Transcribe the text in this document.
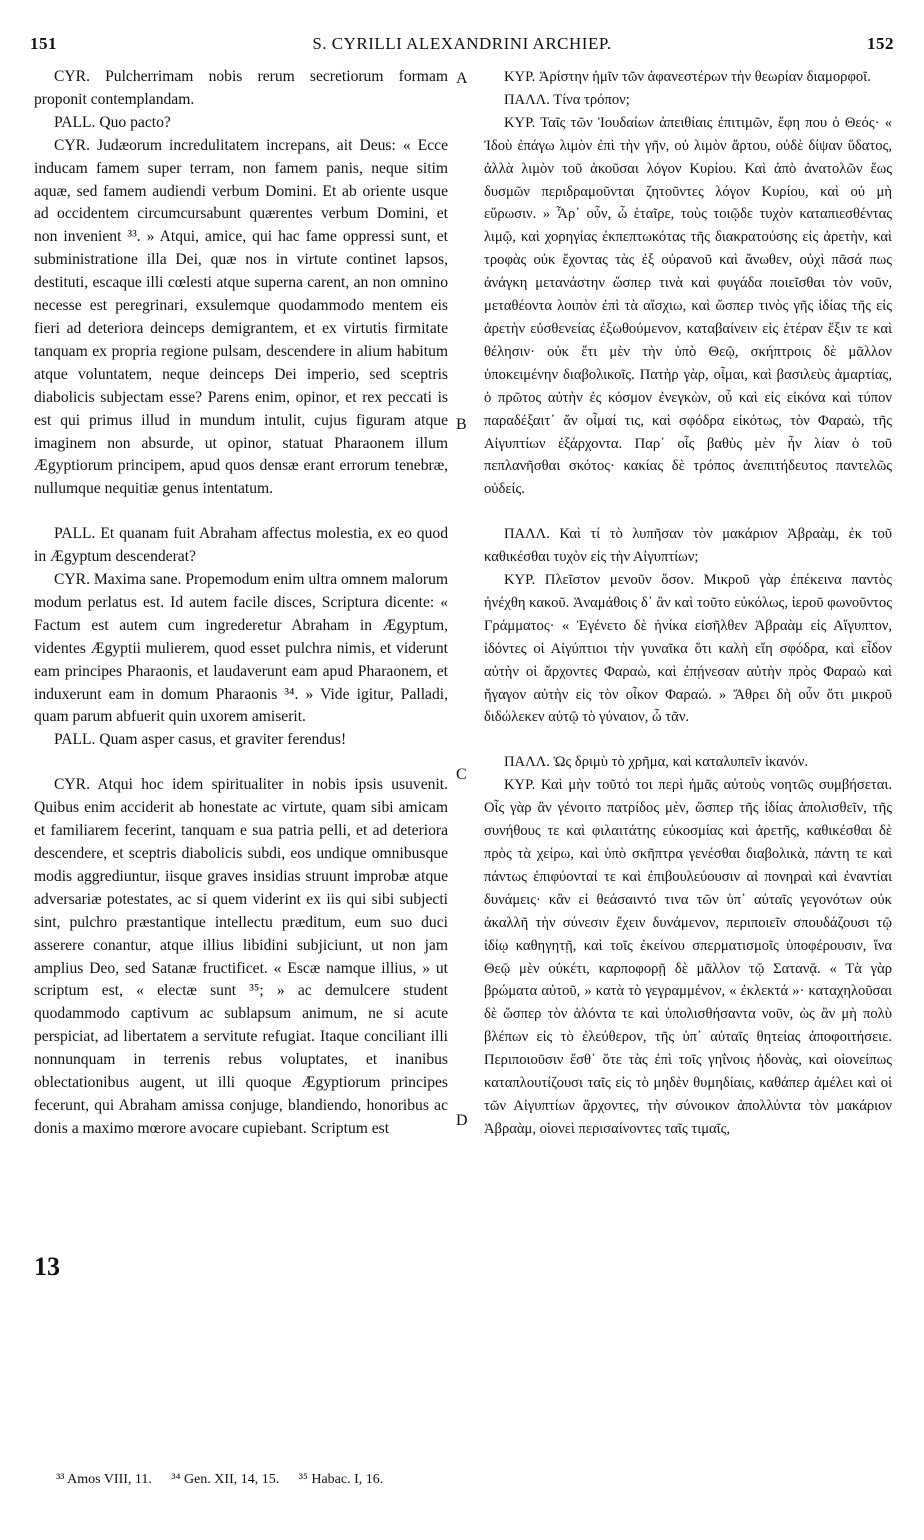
151	S. CYRILLI ALEXANDRINI ARCHIEP.	152

CYR. Pulcherrimam nobis rerum secretiorum formam proponit contemplandam.

PALL. Quo pacto?

CYR. Judæorum incredulitatem increpans, ait Deus: « Ecce inducam famem super terram, non famem panis, neque sitim aquæ, sed famem audiendi verbum Domini. Et ab oriente usque ad occidentem circumcursabunt quærentes verbum Domini, et non invenient ³³. » Atqui, amice, qui hac fame oppressi sunt, et subministratione illa Dei, quæ nos in virtute continet lapsos, destituti, escaque illi cœlesti atque superna carent, an non omnino necesse est peregrinari, exsulemque quodammodo mentem eis fieri ad deteriora deinceps demigrantem, et ex virtutis firmitate tanquam ex propria regione pulsam, descendere in alium habitum atque voluntatem, neque deinceps Dei imperio, sed sceptris diabolicis subjectam esse? Parens enim, opinor, et rex peccati is est qui primus illud in mundum intulit, cujus figuram atque imaginem non absurde, ut opinor, statuat Pharaonem illum Ægyptiorum principem, apud quos densæ erant errorum tenebræ, nullumque nequitiæ genus intentatum.

PALL. Et quanam fuit Abraham affectus molestia, ex eo quod in Ægyptum descenderat?

CYR. Maxima sane. Propemodum enim ultra omnem malorum modum perlatus est. Id autem facile disces, Scriptura dicente: « Factum est autem cum ingrederetur Abraham in Ægyptum, videntes Ægyptii mulierem, quod esset pulchra nimis, et viderunt eam principes Pharaonis, et laudaverunt eam apud Pharaonem, et induxerunt eam in domum Pharaonis ³⁴. » Vide igitur, Palladi, quam parum abfuerit quin uxorem amiserit.

PALL. Quam asper casus, et graviter ferendus!

CYR. Atqui hoc idem spiritualiter in nobis ipsis usuvenit. Quibus enim acciderit ab honestate ac virtute, quam sibi amicam et familiarem fecerint, tanquam e sua patria pelli, et ad deteriora descendere, et sceptris diabolicis subdi, eos undique omnibusque modis aggrediuntur, iisque graves insidias struunt improbæ atque adversariæ potestates, ac si quem viderint ex iis qui sibi subjecti sint, pulchro præstantique intellectu præditum, eum suo duci asserere conantur, atque illius libidini subjiciunt, ut non jam amplius Deo, sed Satanæ fructificet. « Escæ namque illius, » ut scriptum est, « electæ sunt ³⁵; » ac demulcere student quodammodo captivum ac sublapsum animum, ne si acute perspiciat, ad libertatem a servitute refugiat. Itaque conciliant illi nonnunquam in terrenis rebus voluptates, et inanibus oblectationibus augent, ut illi quoque Ægyptiorum principes fecerunt, qui Abraham amissa conjuge, blandiendo, honoribus ac donis a maximo mœrore avocare cupiebant. Scriptum est

A
B
C
D
13

ΚΥΡ. Ἀρίστην ἡμῖν τῶν ἀφανεστέρων τὴν θεωρίαν διαμορφοῖ.

ΠΑΛΛ. Τίνα τρόπον;

ΚΥΡ. Ταῖς τῶν Ἰουδαίων ἀπειθίαις ἐπιτιμῶν, ἔφη που ὁ Θεός· « Ἰδοὺ ἐπάγω λιμὸν ἐπὶ τὴν γῆν, οὐ λιμὸν ἄρτου, οὐδὲ δίψαν ὕδατος, ἀλλὰ λιμὸν τοῦ ἀκοῦσαι λόγον Κυρίου. Καὶ ἀπὸ ἀνατολῶν ἕως δυσμῶν περιδραμοῦνται ζητοῦντες λόγον Κυρίου, καὶ οὐ μὴ εὕρωσιν. » Ἆρ᾽ οὖν, ὦ ἑταῖρε, τοὺς τοιῷδε τυχὸν καταπιεσθέντας λιμῷ, καὶ χορηγίας ἐκπεπτωκότας τῆς διακρατούσης εἰς ἀρετὴν, καὶ τροφὰς οὐκ ἔχοντας τὰς ἐξ οὐρανοῦ καὶ ἄνωθεν, οὐχὶ πᾶσά πως ἀνάγκη μετανάστην ὥσπερ τινὰ καὶ φυγάδα ποιεῖσθαι τὸν νοῦν, μεταθέοντα λοιπὸν ἐπὶ τὰ αἴσχιω, καὶ ὥσπερ τινὸς γῆς ἰδίας τῆς εἰς ἀρετὴν εὐσθενείας ἐξωθούμενον, καταβαίνειν εἰς ἑτέραν ἕξιν τε καὶ θέλησιν· οὐκ ἔτι μὲν τὴν ὑπὸ Θεῷ, σκήπτροις δὲ μᾶλλον ὑποκειμένην διαβολικοῖς. Πατὴρ γὰρ, οἶμαι, καὶ βασιλεὺς ἁμαρτίας, ὁ πρῶτος αὐτὴν ἐς κόσμον ἐνεγκὼν, οὗ καὶ εἰς εἰκόνα καὶ τύπον παραδέξαιτ᾽ ἄν οἶμαί τις, καὶ σφόδρα εἰκότως, τὸν Φαραὼ, τῆς Αἰγυπτίων ἐξάρχοντα. Παρ᾽ οἷς βαθὺς μὲν ἦν λίαν ὁ τοῦ πεπλανῆσθαι σκότος· κακίας δὲ τρόπος ἀνεπιτήδευτος παντελῶς οὐδείς.

ΠΑΛΛ. Καὶ τί τὸ λυπῆσαν τὸν μακάριον Ἀβραὰμ, ἐκ τοῦ καθικέσθαι τυχὸν εἰς τὴν Αἰγυπτίων;

ΚΥΡ. Πλεῖστον μενοῦν ὅσον. Μικροῦ γὰρ ἐπέκεινα παντὸς ἠνέχθη κακοῦ. Ἀναμάθοις δ᾽ ἂν καὶ τοῦτο εὐκόλως, ἱεροῦ φωνοῦντος Γράμματος· « Ἐγένετο δὲ ἡνίκα εἰσῆλθεν Ἀβραὰμ εἰς Αἴγυπτον, ἰδόντες οἱ Αἰγύπτιοι τὴν γυναῖκα ὅτι καλὴ εἴη σφόδρα, καὶ εἶδον αὐτὴν οἱ ἄρχοντες Φαραὼ, καὶ ἐπῄνεσαν αὐτὴν πρὸς Φαραὼ καὶ ἤγαγον αὐτὴν εἰς τὸν οἶκον Φαραώ. » Ἄθρει δὴ οὖν ὅτι μικροῦ διδώλεκεν αὐτῷ τὸ γύναιον, ὦ τᾶν.

ΠΑΛΛ. Ὡς δριμὺ τὸ χρῆμα, καὶ καταλυπεῖν ἱκανόν.

ΚΥΡ. Καὶ μὴν τοῦτό τοι περὶ ἡμᾶς αὐτοὺς νοητῶς συμβήσεται. Οἷς γὰρ ἂν γένοιτο πατρίδος μὲν, ὥσπερ τῆς ἰδίας ἀπολισθεῖν, τῆς συνήθους τε καὶ φιλαιτάτης εὐκοσμίας καὶ ἀρετῆς, καθικέσθαι δὲ πρὸς τὰ χείρω, καὶ ὑπὸ σκῆπτρα γενέσθαι διαβολικὰ, πάντη τε καὶ πάντως ἐπιφύονταί τε καὶ ἐπιβουλεύουσιν αἱ πονηραὶ καὶ ἐναντίαι δυνάμεις· κἂν εἰ θεάσαιντό τινα τῶν ὑπ᾽ αὐταῖς γεγονότων οὐκ ἀκαλλῆ τὴν σύνεσιν ἔχειν δυνάμενον, περιποιεῖν σπουδάζουσι τῷ ἰδίῳ καθηγητῇ, καὶ τοῖς ἐκείνου σπερματισμοῖς ὑποφέρουσιν, ἵνα Θεῷ μὲν οὐκέτι, καρποφορῇ δὲ μᾶλλον τῷ Σατανᾷ. « Τὰ γὰρ βρώματα αὐτοῦ, » κατὰ τὸ γεγραμμένον, « ἐκλεκτά »· καταχηλοῦσαι δὲ ὥσπερ τὸν ἁλόντα τε καὶ ὑπολισθήσαντα νοῦν, ὡς ἂν μὴ πολὺ βλέπων εἰς τὸ ἐλεύθερον, τῆς ὑπ᾽ αὐταῖς θητείας ἀποφοιτήσειε. Περιποιοῦσιν ἔσθ᾽ ὅτε τὰς ἐπὶ τοῖς γηΐνοις ἡδονὰς, καὶ οἱονείπως καταπλουτίζουσι ταῖς εἰς τὸ μηδὲν θυμηδίαις, καθάπερ ἀμέλει καὶ οἱ τῶν Αἰγυπτίων ἄρχοντες, τὴν σύνοικον ἀπολλύντα τὸν μακάριον Ἀβραὰμ, οἱονεὶ περισαίνοντες ταῖς τιμαῖς,

³³ Amos VIII, 11. ³⁴ Gen. XII, 14, 15. ³⁵ Habac. I, 16.
